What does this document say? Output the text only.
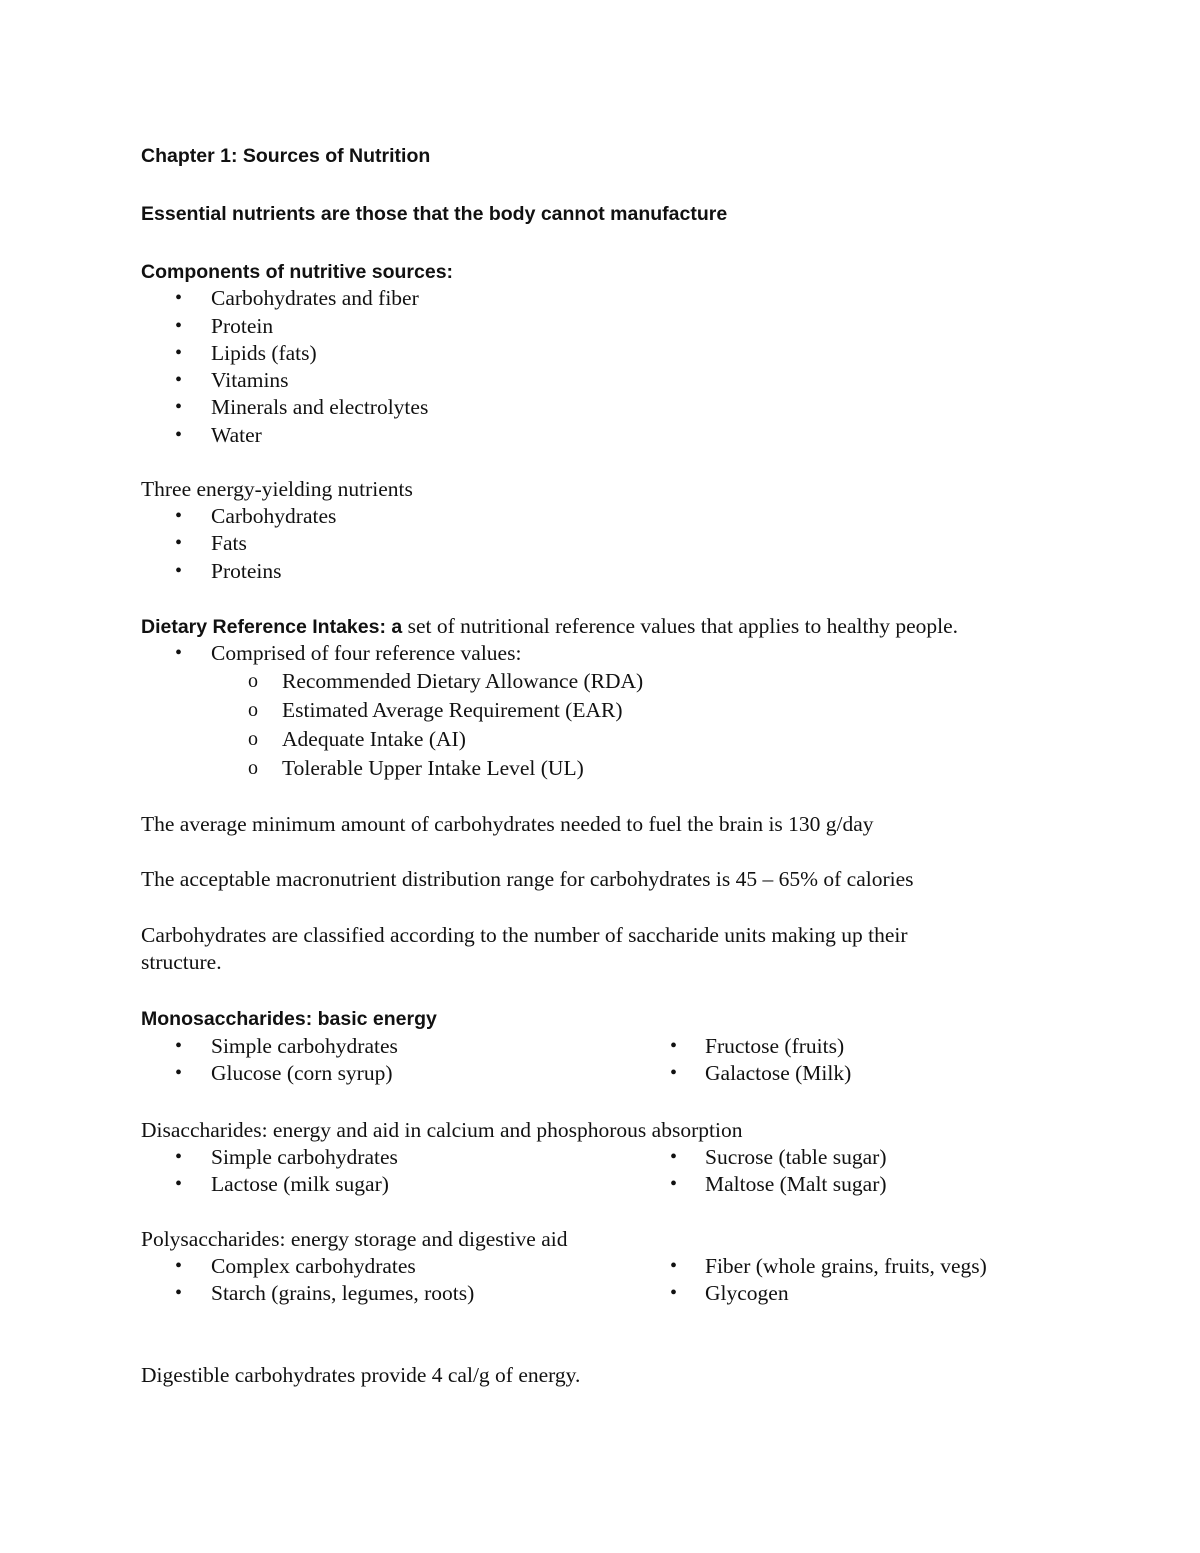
Chapter 1: Sources of Nutrition
Essential nutrients are those that the body cannot manufacture
Components of nutritive sources:
• Carbohydrates and fiber
• Protein
• Lipids (fats)
• Vitamins
• Minerals and electrolytes
• Water
Three energy-yielding nutrients
• Carbohydrates
• Fats
• Proteins
Dietary Reference Intakes: a set of nutritional reference values that applies to healthy people.
• Comprised of four reference values:
o Recommended Dietary Allowance (RDA)
o Estimated Average Requirement (EAR)
o Adequate Intake (AI)
o Tolerable Upper Intake Level (UL)
The average minimum amount of carbohydrates needed to fuel the brain is 130 g/day
The acceptable macronutrient distribution range for carbohydrates is 45 – 65% of calories
Carbohydrates are classified according to the number of saccharide units making up their
structure.
Monosaccharides: basic energy
• Simple carbohydrates
• Glucose (corn syrup)
• Fructose (fruits)
• Galactose (Milk)
Disaccharides: energy and aid in calcium and phosphorous absorption
• Simple carbohydrates
• Lactose (milk sugar)
• Sucrose (table sugar)
• Maltose (Malt sugar)
Polysaccharides: energy storage and digestive aid
• Complex carbohydrates
• Starch (grains, legumes, roots)
• Fiber (whole grains, fruits, vegs)
• Glycogen
Digestible carbohydrates provide 4 cal/g of energy.
